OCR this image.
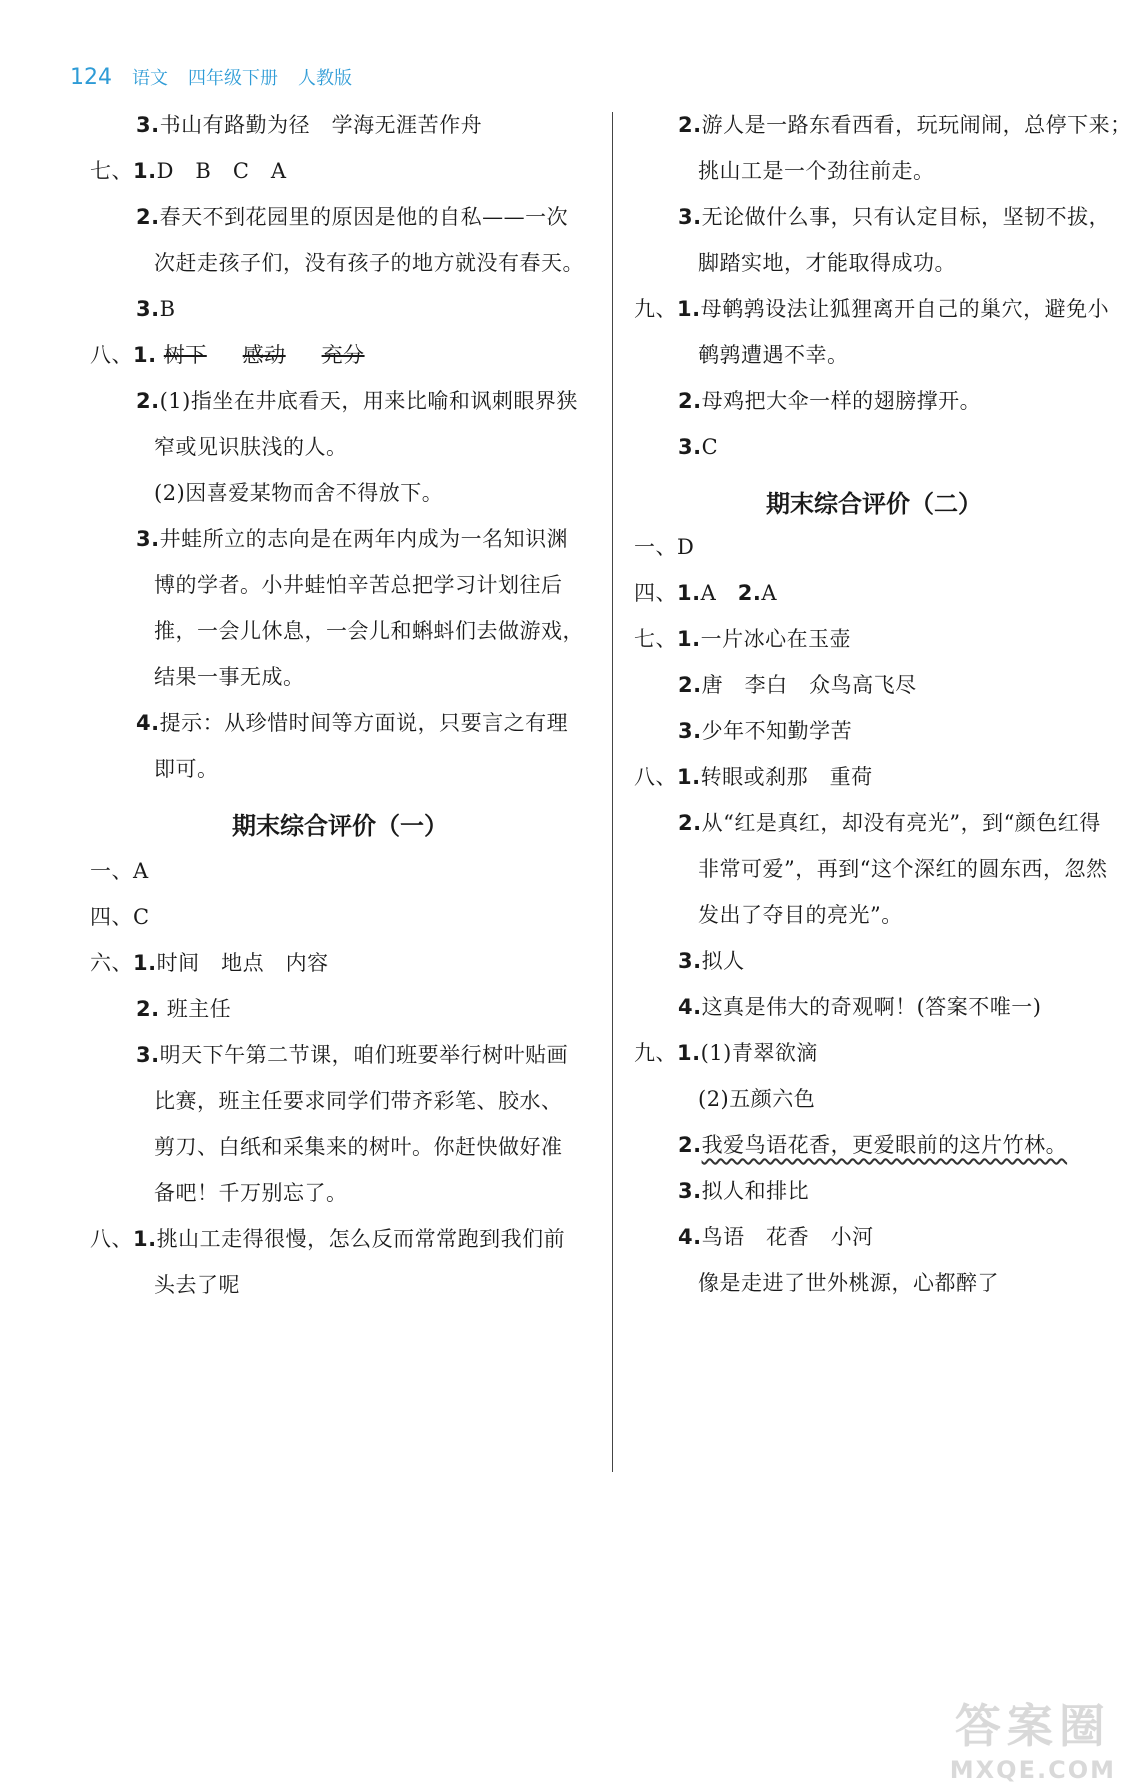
124 语文 四年级下册 人教版
3.书山有路勤为径　学海无涯苦作舟
七、1.D　B　C　A
2.春天不到花园里的原因是他的自私——一次
次赶走孩子们，没有孩子的地方就没有春天。
3.B
八、1. 树下 感动 充分
2.(1)指坐在井底看天，用来比喻和讽刺眼界狭
窄或见识肤浅的人。
(2)因喜爱某物而舍不得放下。
3.井蛙所立的志向是在两年内成为一名知识渊
博的学者。小井蛙怕辛苦总把学习计划往后
推，一会儿休息，一会儿和蝌蚪们去做游戏，
结果一事无成。
4.提示：从珍惜时间等方面说，只要言之有理
即可。
期末综合评价（一）
一、A
四、C
六、1.时间　地点　内容
2. 班主任
3.明天下午第二节课，咱们班要举行树叶贴画
比赛，班主任要求同学们带齐彩笔、胶水、
剪刀、白纸和采集来的树叶。你赶快做好准
备吧！千万别忘了。
八、1.挑山工走得很慢，怎么反而常常跑到我们前
头去了呢
2.游人是一路东看西看，玩玩闹闹，总停下来；
挑山工是一个劲往前走。
3.无论做什么事，只有认定目标，坚韧不拔，
脚踏实地，才能取得成功。
九、1.母鹌鹑设法让狐狸离开自己的巢穴，避免小
鹌鹑遭遇不幸。
2.母鸡把大伞一样的翅膀撑开。
3.C
期末综合评价（二）
一、D
四、1.A 2.A
七、1.一片冰心在玉壶
2.唐　李白　众鸟高飞尽
3.少年不知勤学苦
八、1.转眼或刹那　重荷
2.从“红是真红，却没有亮光”，到“颜色红得
非常可爱”，再到“这个深红的圆东西，忽然
发出了夺目的亮光”。
3.拟人
4.这真是伟大的奇观啊！(答案不唯一)
九、1.(1)青翠欲滴
(2)五颜六色
2.我爱鸟语花香，更爱眼前的这片竹林。
3.拟人和排比
4.鸟语　花香　小河
像是走进了世外桃源，心都醉了
答案圈
MXQE.COM
